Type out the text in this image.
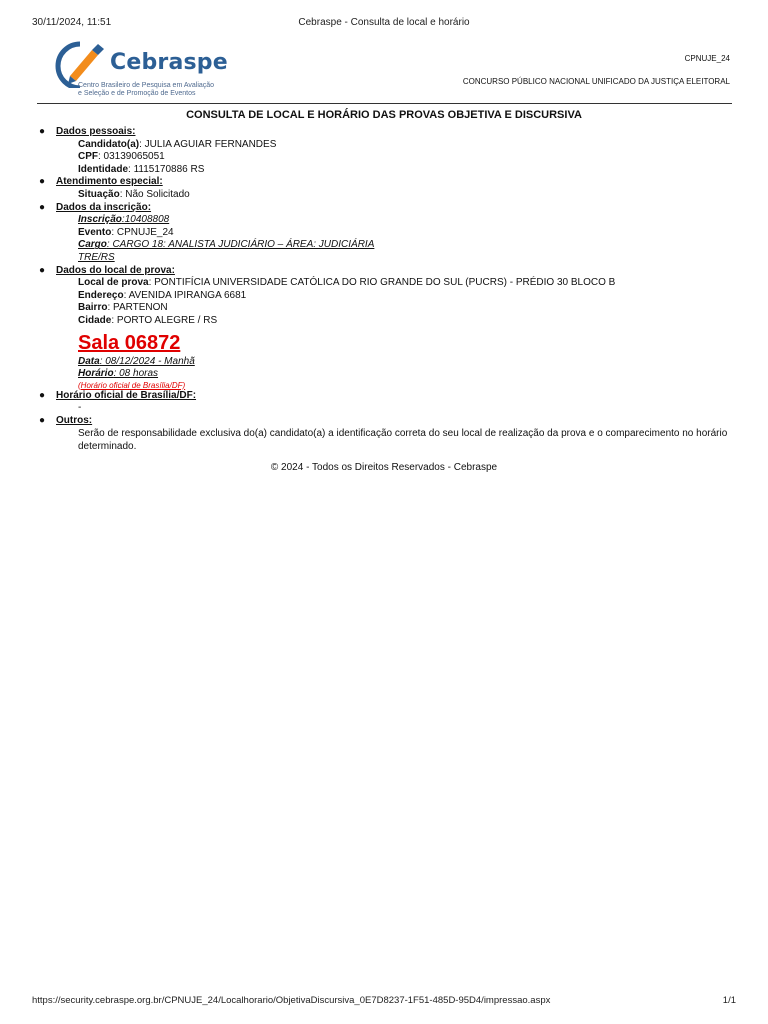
30/11/2024, 11:51	Cebraspe - Consulta de local e horário
Cebraspe
Centro Brasileiro de Pesquisa em Avaliação
e Seleção e de Promoção de Eventos
CPNUJE_24
CONCURSO PÚBLICO NACIONAL UNIFICADO DA JUSTIÇA ELEITORAL
CONSULTA DE LOCAL E HORÁRIO DAS PROVAS OBJETIVA E DISCURSIVA
● Dados pessoais:
Candidato(a): JULIA AGUIAR FERNANDES
CPF: 03139065051
Identidade: 1115170886 RS
● Atendimento especial:
Situação: Não Solicitado
● Dados da inscrição:
Inscrição:10408808
Evento: CPNUJE_24
Cargo: CARGO 18: ANALISTA JUDICIÁRIO – ÁREA: JUDICIÁRIA
TRE/RS
● Dados do local de prova:
Local de prova: PONTIFÍCIA UNIVERSIDADE CATÓLICA DO RIO GRANDE DO SUL (PUCRS) - PRÉDIO 30 BLOCO B
Endereço: AVENIDA IPIRANGA 6681
Bairro: PARTENON
Cidade: PORTO ALEGRE / RS
Sala 06872
Data: 08/12/2024 - Manhã
Horário: 08 horas
(Horário oficial de Brasília/DF)
● Horário oficial de Brasília/DF:
-
● Outros:
Serão de responsabilidade exclusiva do(a) candidato(a) a identificação correta do seu local de realização da prova e o comparecimento no horário determinado.
© 2024 - Todos os Direitos Reservados - Cebraspe
https://security.cebraspe.org.br/CPNUJE_24/Localhorario/ObjetivaDiscursiva_0E7D8237-1F51-485D-95D4/impressao.aspx	1/1
